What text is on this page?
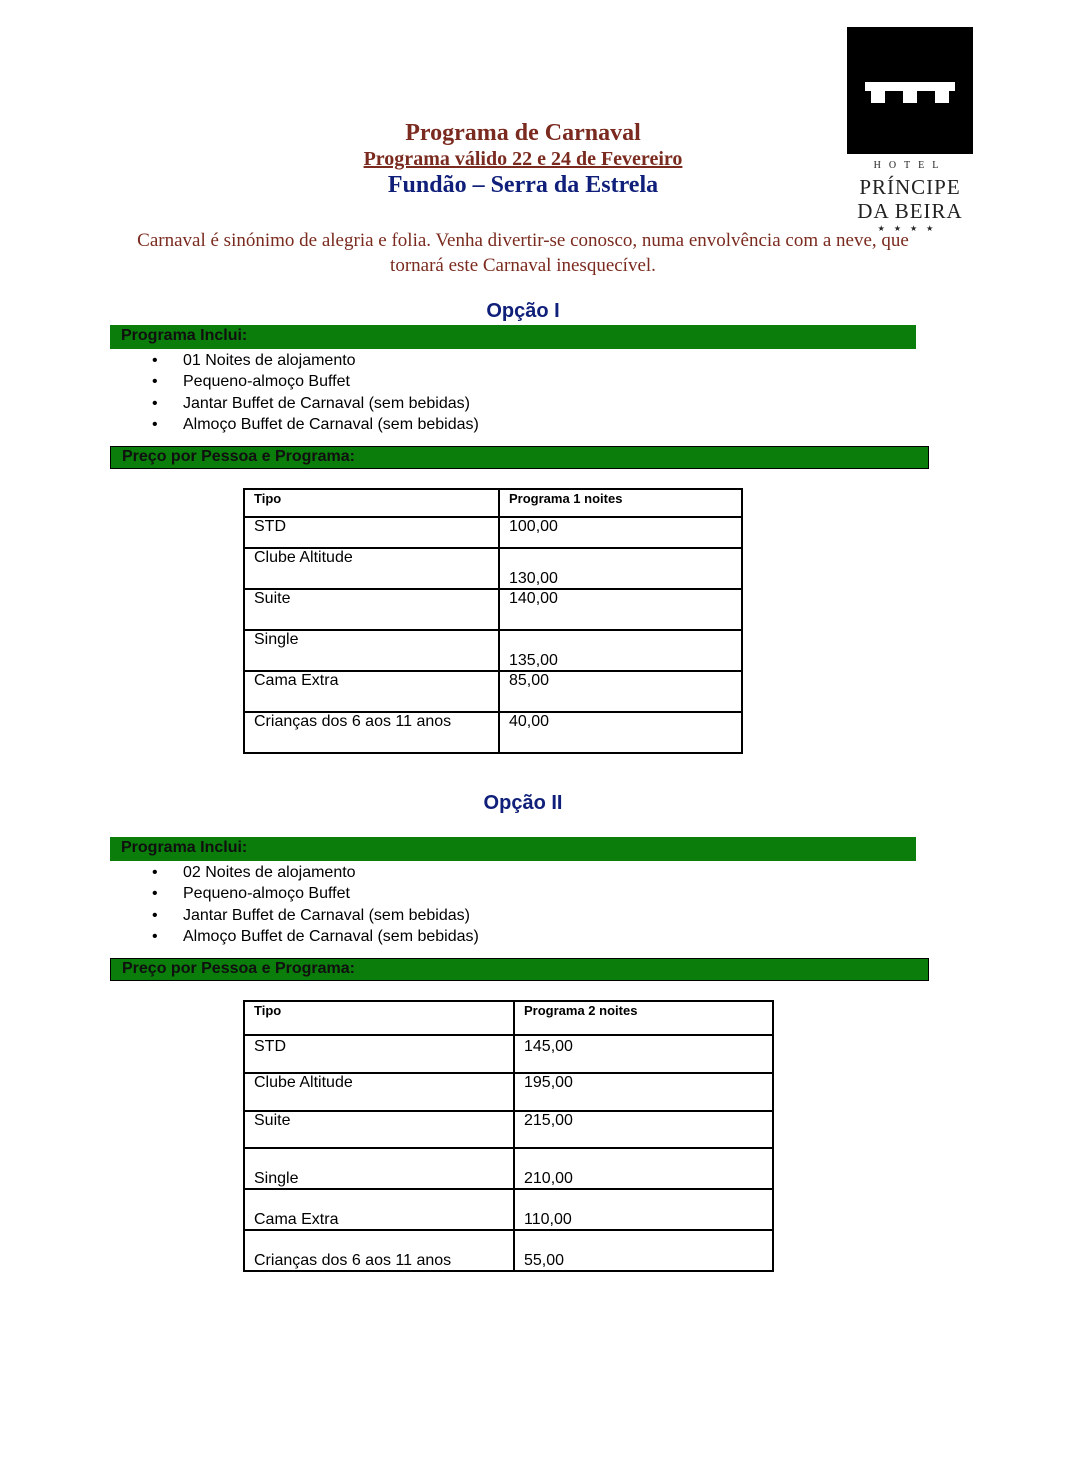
HOTEL
PRÍNCIPE
DA BEIRA
★★★★
Programa de Carnaval
Programa válido 22 e 24 de Fevereiro
Fundão – Serra da Estrela
Carnaval é sinónimo de alegria e folia. Venha divertir-se conosco, numa envolvência com a neve, que tornará este Carnaval inesquecível.
Opção I
Programa Inclui:
• 01 Noites de alojamento
• Pequeno-almoço Buffet
• Jantar Buffet de Carnaval (sem bebidas)
• Almoço Buffet de Carnaval (sem bebidas)
Preço por Pessoa e Programa:
Tipo	Programa 1 noites
STD	100,00
Clube Altitude	130,00
Suite	140,00
Single	135,00
Cama Extra	85,00
Crianças dos 6 aos 11 anos	40,00
Opção II
Programa Inclui:
• 02 Noites de alojamento
• Pequeno-almoço Buffet
• Jantar Buffet de Carnaval (sem bebidas)
• Almoço Buffet de Carnaval (sem bebidas)
Preço por Pessoa e Programa:
Tipo	Programa 2 noites
STD	145,00
Clube Altitude	195,00
Suite	215,00
Single	210,00
Cama Extra	110,00
Crianças dos 6 aos 11 anos	55,00
